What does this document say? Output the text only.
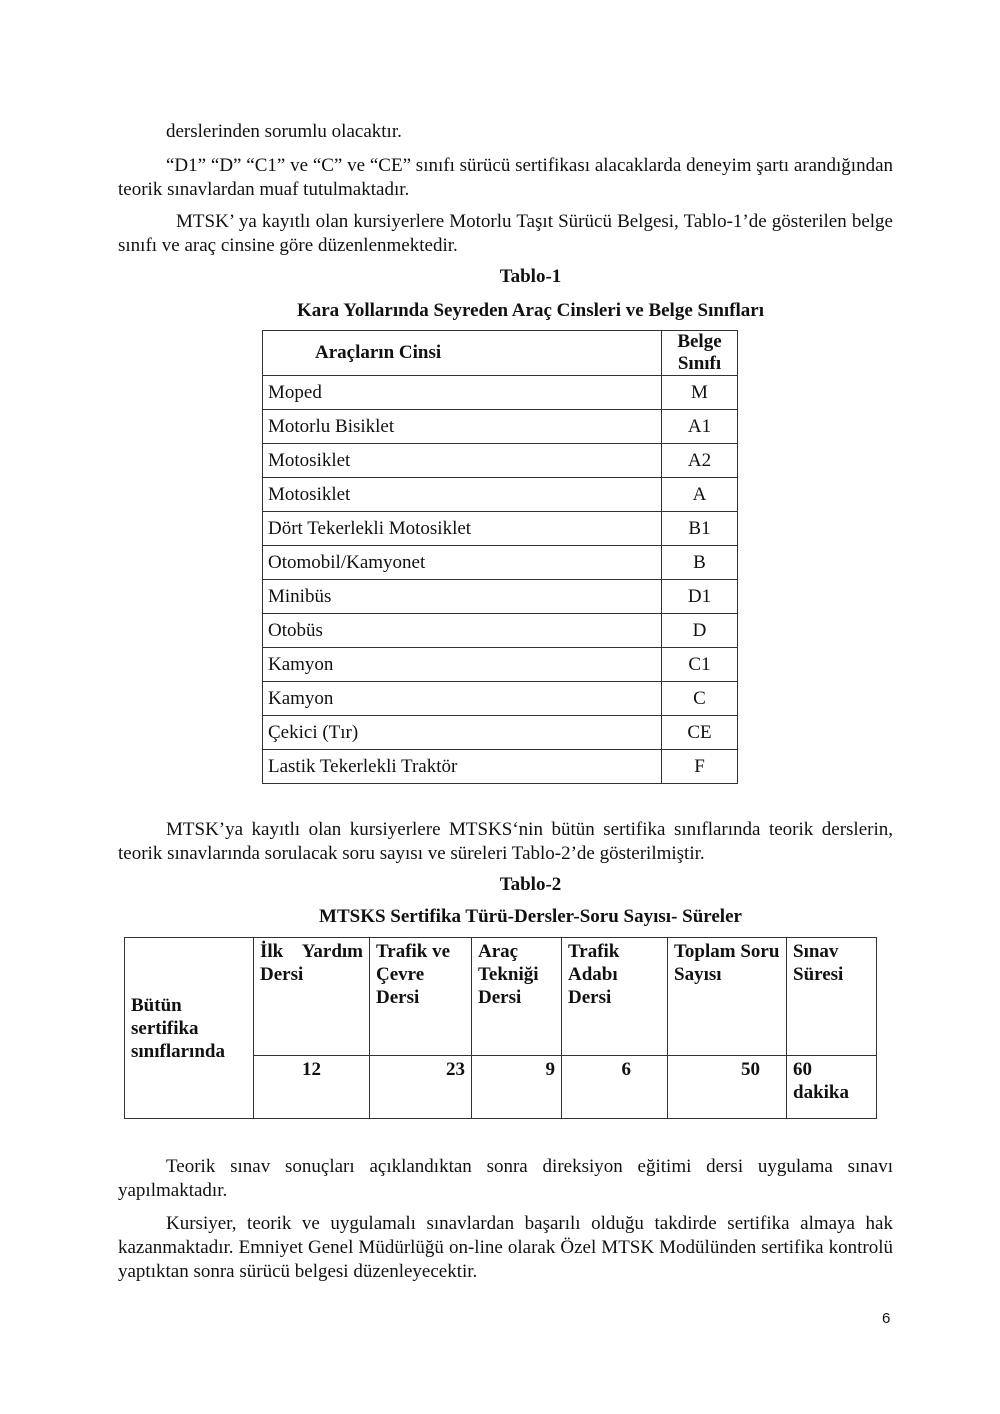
derslerinden sorumlu olacaktır.

“D1” “D” “C1” ve “C” ve “CE” sınıfı sürücü sertifikası alacaklarda deneyim şartı arandığından teorik sınavlardan muaf tutulmaktadır.

MTSK’ ya kayıtlı olan kursiyerlere Motorlu Taşıt Sürücü Belgesi, Tablo-1’de gösterilen belge sınıfı ve araç cinsine göre düzenlenmektedir.

Tablo-1

Kara Yollarında Seyreden Araç Cinsleri ve Belge Sınıfları

Araçların Cinsi	Belge Sınıfı
Moped	M
Motorlu Bisiklet	A1
Motosiklet	A2
Motosiklet	A
Dört Tekerlekli Motosiklet	B1
Otomobil/Kamyonet	B
Minibüs	D1
Otobüs	D
Kamyon	C1
Kamyon	C
Çekici (Tır)	CE
Lastik Tekerlekli Traktör	F

MTSK’ya kayıtlı olan kursiyerlere MTSKS‘nin bütün sertifika sınıflarında teorik derslerin, teorik sınavlarında sorulacak soru sayısı ve süreleri Tablo-2’de gösterilmiştir.

Tablo-2

MTSKS Sertifika Türü-Dersler-Soru Sayısı- Süreler

Bütün sertifika sınıflarında	İlk Yardım Dersi	Trafik ve Çevre Dersi	Araç Tekniği Dersi	Trafik Adabı Dersi	Toplam Soru Sayısı	Sınav Süresi
	12	23	9	6	50	60 dakika

Teorik sınav sonuçları açıklandıktan sonra direksiyon eğitimi dersi uygulama sınavı yapılmaktadır.

Kursiyer, teorik ve uygulamalı sınavlardan başarılı olduğu takdirde sertifika almaya hak kazanmaktadır. Emniyet Genel Müdürlüğü on-line olarak Özel MTSK Modülünden sertifika kontrolü yaptıktan sonra sürücü belgesi düzenleyecektir.

6
